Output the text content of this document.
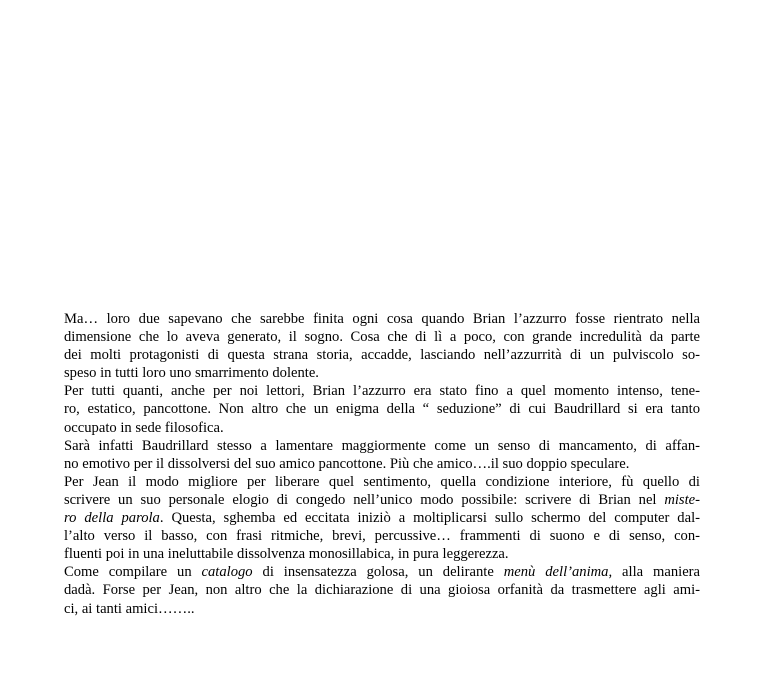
Ma… loro due sapevano che sarebbe finita ogni cosa quando Brian l’azzurro fosse rientrato nella
dimensione che lo aveva generato, il sogno. Cosa che di lì a poco, con grande incredulità da parte
dei molti protagonisti di questa strana storia, accadde, lasciando nell’azzurrità di un pulviscolo so-
speso in tutti loro uno smarrimento dolente.
Per tutti quanti, anche per noi lettori, Brian l’azzurro era stato fino a quel momento intenso, tene-
ro, estatico, pancottone. Non altro che un enigma della “ seduzione” di cui Baudrillard si era tanto
occupato in sede filosofica.
Sarà infatti Baudrillard stesso a lamentare maggiormente come un senso di mancamento, di affan-
no emotivo per il dissolversi del suo amico pancottone. Più che amico….il suo doppio speculare.
Per Jean il modo migliore per liberare quel sentimento, quella condizione interiore, fù quello di
scrivere un suo personale elogio di congedo nell’unico modo possibile: scrivere di Brian nel miste-
ro della parola. Questa, sghemba ed eccitata iniziò a moltiplicarsi sullo schermo del computer dal-
l’alto verso il basso, con frasi ritmiche, brevi, percussive… frammenti di suono e di senso, con-
fluenti poi in una ineluttabile dissolvenza monosillabica, in pura leggerezza.
Come compilare un catalogo di insensatezza golosa, un delirante menù dell’anima, alla maniera
dadà. Forse per Jean, non altro che la dichiarazione di una gioiosa orfanità da trasmettere agli ami-
ci, ai tanti amici……..
